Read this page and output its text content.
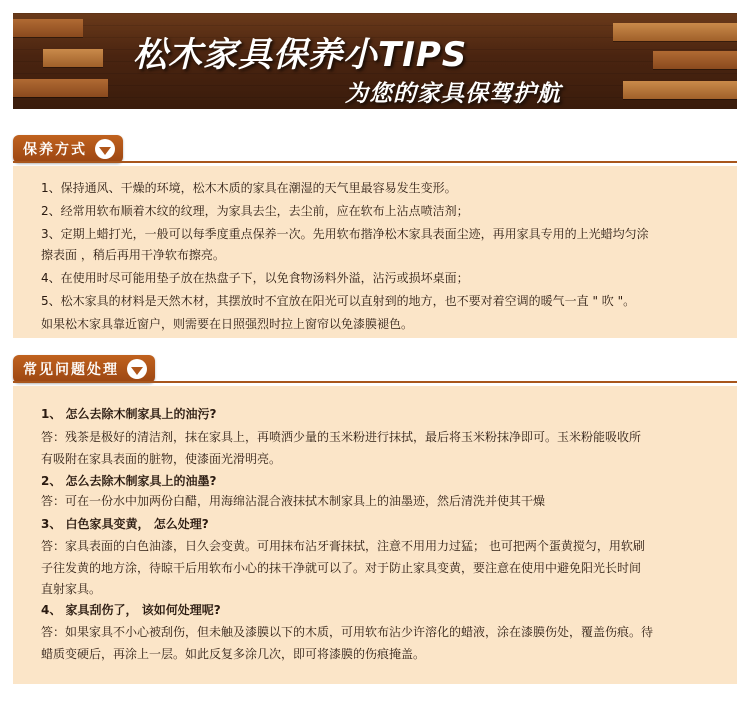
松木家具保养小TIPS
为您的家具保驾护航
保养方式
1、保持通风、干燥的环境，松木木质的家具在潮湿的天气里最容易发生变形。
2、经常用软布顺着木纹的纹理，为家具去尘，去尘前，应在软布上沾点喷洁剂；
3、定期上蜡打光，一般可以每季度重点保养一次。先用软布揩净松木家具表面尘迹，再用家具专用的上光蜡均匀涂
擦表面 ，稍后再用干净软布擦亮。
4、在使用时尽可能用垫子放在热盘子下，以免食物汤料外溢，沾污或损坏桌面；
5、松木家具的材料是天然木材，其摆放时不宜放在阳光可以直射到的地方，也不要对着空调的暖气一直 " 吹 "。
如果松木家具靠近窗户，则需要在日照强烈时拉上窗帘以免漆膜褪色。
常见问题处理
1、 怎么去除木制家具上的油污?
答：残茶是极好的清洁剂，抹在家具上，再喷洒少量的玉米粉进行抹拭，最后将玉米粉抹净即可。玉米粉能吸收所
有吸附在家具表面的脏物，使漆面光滑明亮。
2、 怎么去除木制家具上的油墨?
答：可在一份水中加两份白醋，用海绵沾混合液抹拭木制家具上的油墨迹，然后清洗并使其干燥
3、 白色家具变黄， 怎么处理?
答：家具表面的白色油漆，日久会变黄。可用抹布沾牙膏抹拭，注意不用用力过猛； 也可把两个蛋黄搅匀，用软刷
子往发黄的地方涂，待晾干后用软布小心的抹干净就可以了。对于防止家具变黄，要注意在使用中避免阳光长时间
直射家具。
4、 家具刮伤了， 该如何处理呢?
答：如果家具不小心被刮伤，但未触及漆膜以下的木质，可用软布沾少许溶化的蜡液，涂在漆膜伤处，覆盖伤痕。待
蜡质变硬后，再涂上一层。如此反复多涂几次，即可将漆膜的伤痕掩盖。
